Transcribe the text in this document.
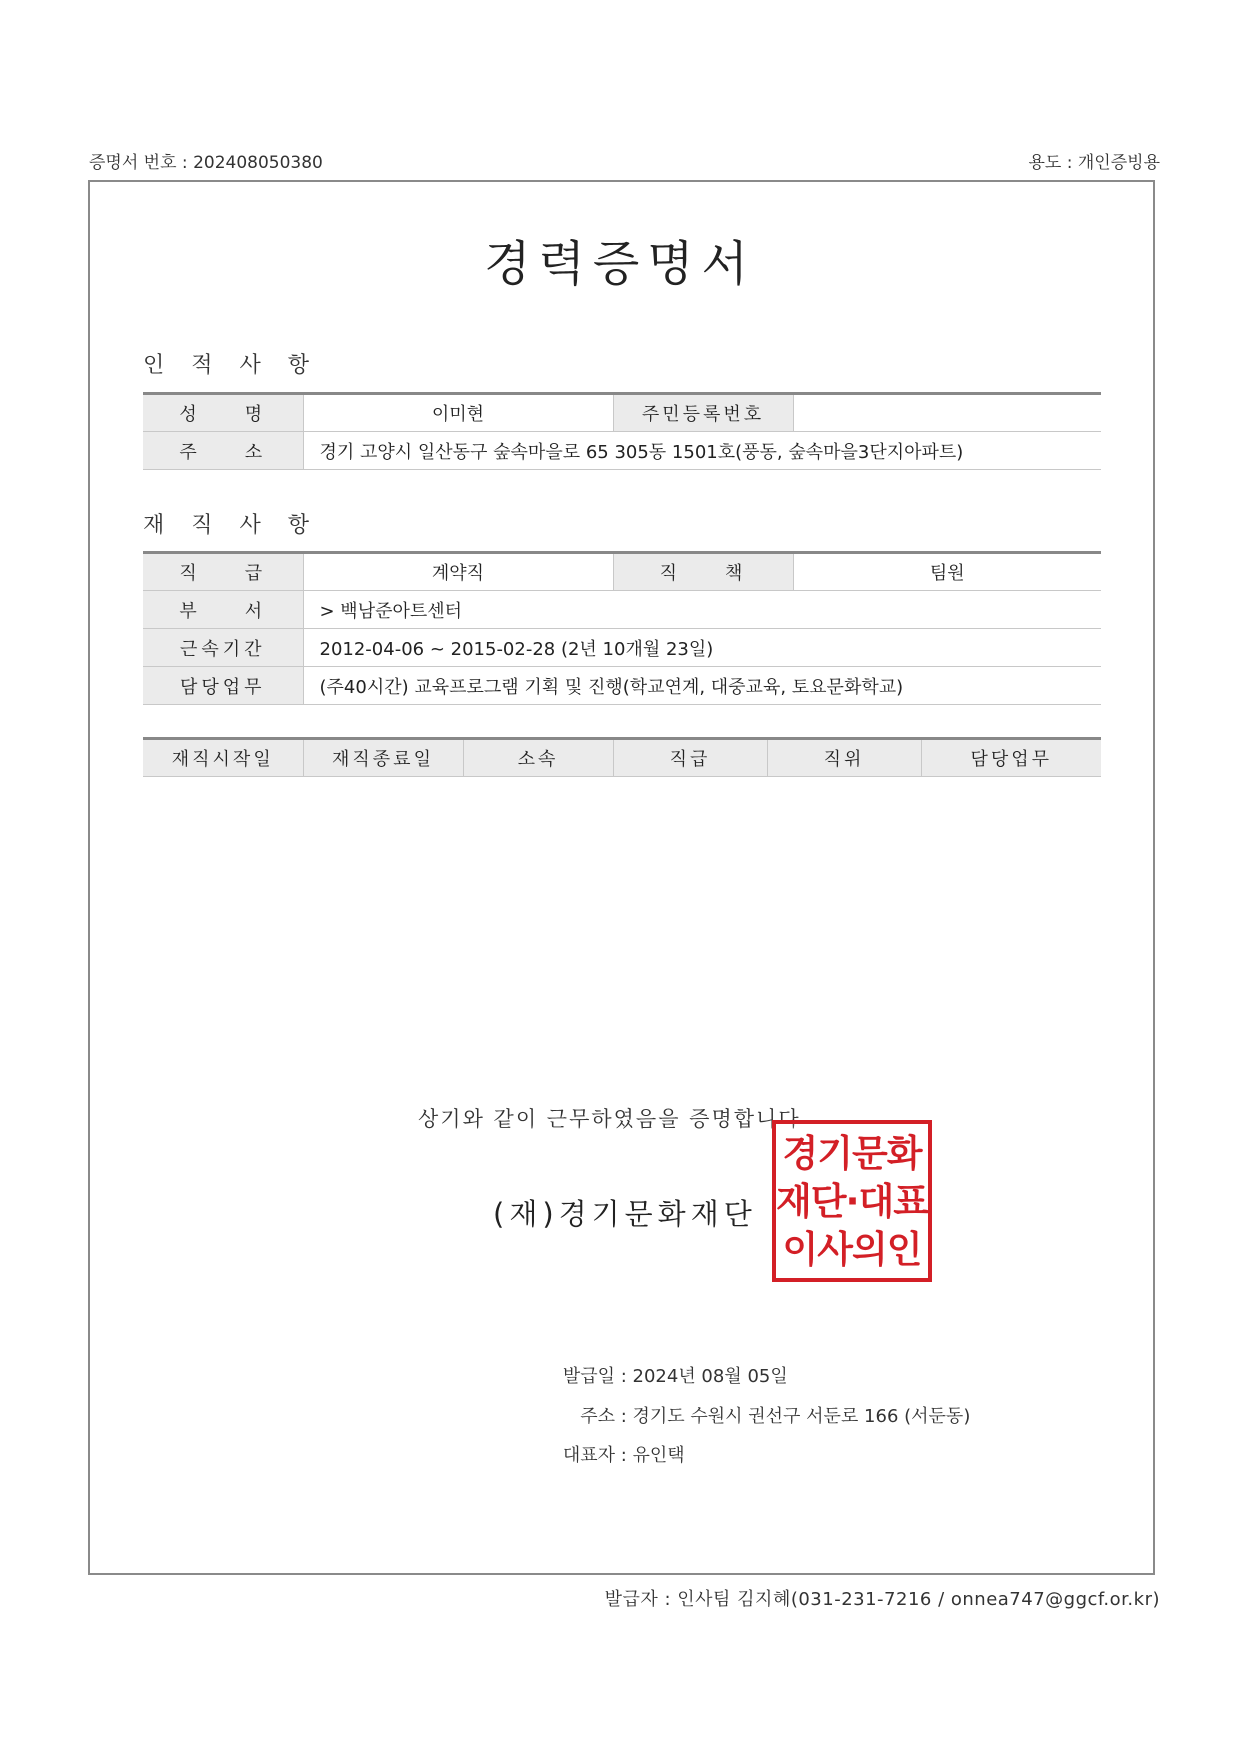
증명서 번호 : 202408050380	용도 : 개인증빙용
경력증명서
인 적 사 항
성　　명	이미현	주민등록번호	
주　　소	경기 고양시 일산동구 숲속마을로 65 305동 1501호(풍동, 숲속마을3단지아파트)		
재 직 사 항
직　　급	계약직	직　　책	팀원
부　　서	> 백남준아트센터		
근속기간	2012-04-06 ~ 2015-02-28 (2년 10개월 23일)		
담당업무	(주40시간) 교육프로그램 기획 및 진행(학교연계, 대중교육, 토요문화학교)		
재직시작일	재직종료일	소속	직급	직위	담당업무
상기와 같이 근무하였음을 증명합니다
(재)경기문화재단
경기문화
재단·대표
이사의인
발급일 : 2024년 08월 05일
주소 : 경기도 수원시 권선구 서둔로 166 (서둔동)
대표자 : 유인택
발급자 : 인사팀 김지혜(031-231-7216 / onnea747@ggcf.or.kr)
